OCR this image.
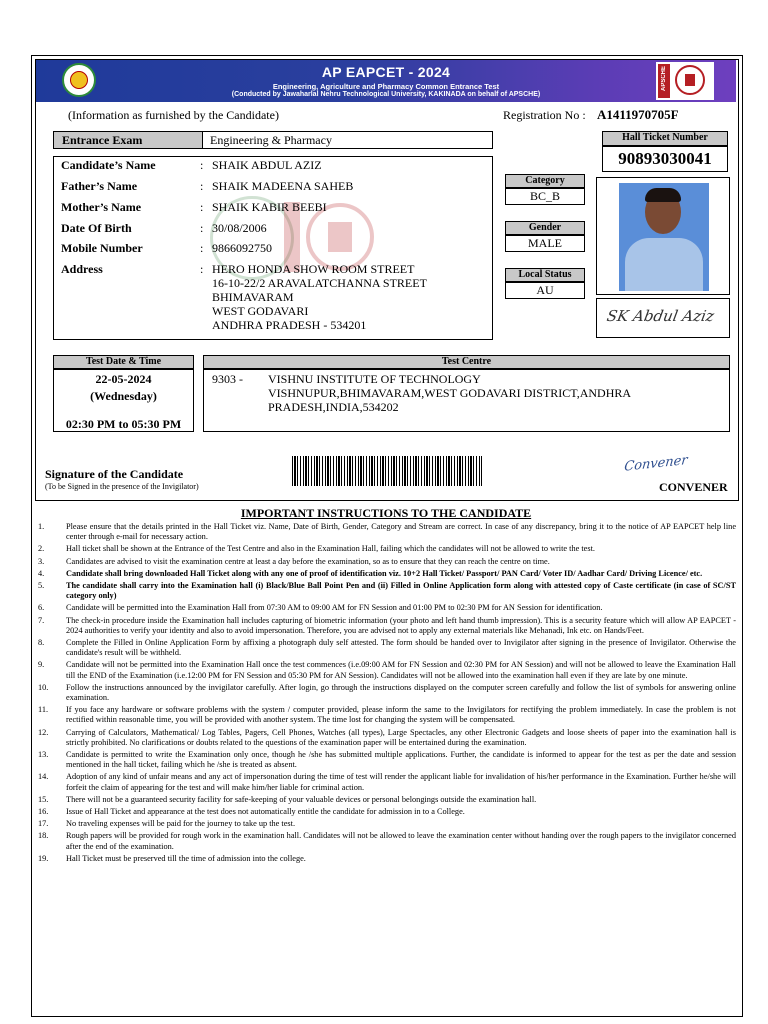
AP EAPCET - 2024
Engineering, Agriculture and Pharmacy Common Entrance Test
(Conducted by Jawaharlal Nehru Technological University, KAKINADA on behalf of APSCHE)
APSCHE
(Information as furnished by the Candidate)	Registration No : A1411970705F
Entrance Exam	Engineering & Pharmacy	Hall Ticket Number
90893030041
Candidate’s Name	: SHAIK ABDUL AZIZ
Father’s Name	: SHAIK MADEENA SAHEB
Mother’s Name	: SHAIK KABIR BEEBI
Date Of Birth	: 30/08/2006
Mobile Number	: 9866092750
Address	: HERO HONDA SHOW ROOM STREET
16-10-22/2 ARAVALATCHANNA STREET
BHIMAVARAM
WEST GODAVARI
ANDHRA PRADESH - 534201
Category
BC_B
Gender
MALE
Local Status
AU
SK Abdul Aziz
Test Date & Time
22-05-2024
(Wednesday)
02:30 PM to 05:30 PM
Test Centre
9303 - VISHNU INSTITUTE OF TECHNOLOGY
VISHNUPUR,BHIMAVARAM,WEST GODAVARI DISTRICT,ANDHRA
PRADESH,INDIA,534202
Signature of the Candidate
(To be Signed in the presence of the Invigilator)
Convener
CONVENER
IMPORTANT INSTRUCTIONS TO THE CANDIDATE
1.	Please ensure that the details printed in the Hall Ticket viz. Name, Date of Birth, Gender, Category and Stream are correct. In case of any discrepancy, bring it to the notice of AP EAPCET help line center through e-mail for necessary action.
2.	Hall ticket shall be shown at the Entrance of the Test Centre and also in the Examination Hall, failing which the candidates will not be allowed to write the test.
3.	Candidates are advised to visit the examination centre at least a day before the examination, so as to ensure that they can reach the centre on time.
4.	Candidate shall bring downloaded Hall Ticket along with any one of proof of identification viz. 10+2 Hall Ticket/ Passport/ PAN Card/ Voter ID/ Aadhar Card/ Driving Licence/ etc.
5.	The candidate shall carry into the Examination hall (i) Black/Blue Ball Point Pen and (ii) Filled in Online Application form along with attested copy of Caste certificate (in case of SC/ST category only)
6.	Candidate will be permitted into the Examination Hall from 07:30 AM to 09:00 AM for FN Session and 01:00 PM to 02:30 PM for AN Session for identification.
7.	The check-in procedure inside the Examination hall includes capturing of biometric information (your photo and left hand thumb impression). This is a security feature which will allow AP EAPCET - 2024 authorities to verify your identity and also to avoid impersonation. Therefore, you are advised not to apply any external materials like Mehanadi, Ink etc. on Hands/Feet.
8.	Complete the Filled in Online Application Form by affixing a photograph duly self attested. The form should be handed over to Invigilator after signing in the presence of Invigilator. Otherwise the candidate's result will be withheld.
9.	Candidate will not be permitted into the Examination Hall once the test commences (i.e.09:00 AM for FN Session and 02:30 PM for AN Session) and will not be allowed to leave the Examination Hall till the END of the Examination (i.e.12:00 PM for FN Session and 05:30 PM for AN Session). Candidates will not be allowed into the examination hall even if they are late by one minute.
10.	Follow the instructions announced by the invigilator carefully. After login, go through the instructions displayed on the computer screen carefully and follow the list of symbols for answering online examination.
11.	If you face any hardware or software problems with the system / computer provided, please inform the same to the Invigilators for rectifying the problem immediately. In case the problem is not rectified within reasonable time, you will be provided with another system. The time lost for changing the system will be compensated.
12.	Carrying of Calculators, Mathematical/ Log Tables, Pagers, Cell Phones, Watches (all types), Large Spectacles, any other Electronic Gadgets and loose sheets of paper into the examination hall is strictly prohibited. No clarifications or doubts related to the questions of the examination paper will be entertained during the examination.
13.	Candidate is permitted to write the Examination only once, though he /she has submitted multiple applications. Further, the candidate is informed to appear for the test as per the date and session mentioned in the hall ticket, failing which he /she is treated as absent.
14.	Adoption of any kind of unfair means and any act of impersonation during the time of test will render the applicant liable for invalidation of his/her performance in the Examination. Further he/she will forfeit the claim of appearing for the test and will make him/her liable for criminal action.
15.	There will not be a guaranteed security facility for safe-keeping of your valuable devices or personal belongings outside the examination hall.
16.	Issue of Hall Ticket and appearance at the test does not automatically entitle the candidate for admission in to a College.
17.	No traveling expenses will be paid for the journey to take up the test.
18.	Rough papers will be provided for rough work in the examination hall. Candidates will not be allowed to leave the examination center without handing over the rough papers to the invigilator concerned after the end of the examination.
19.	Hall Ticket must be preserved till the time of admission into the college.
